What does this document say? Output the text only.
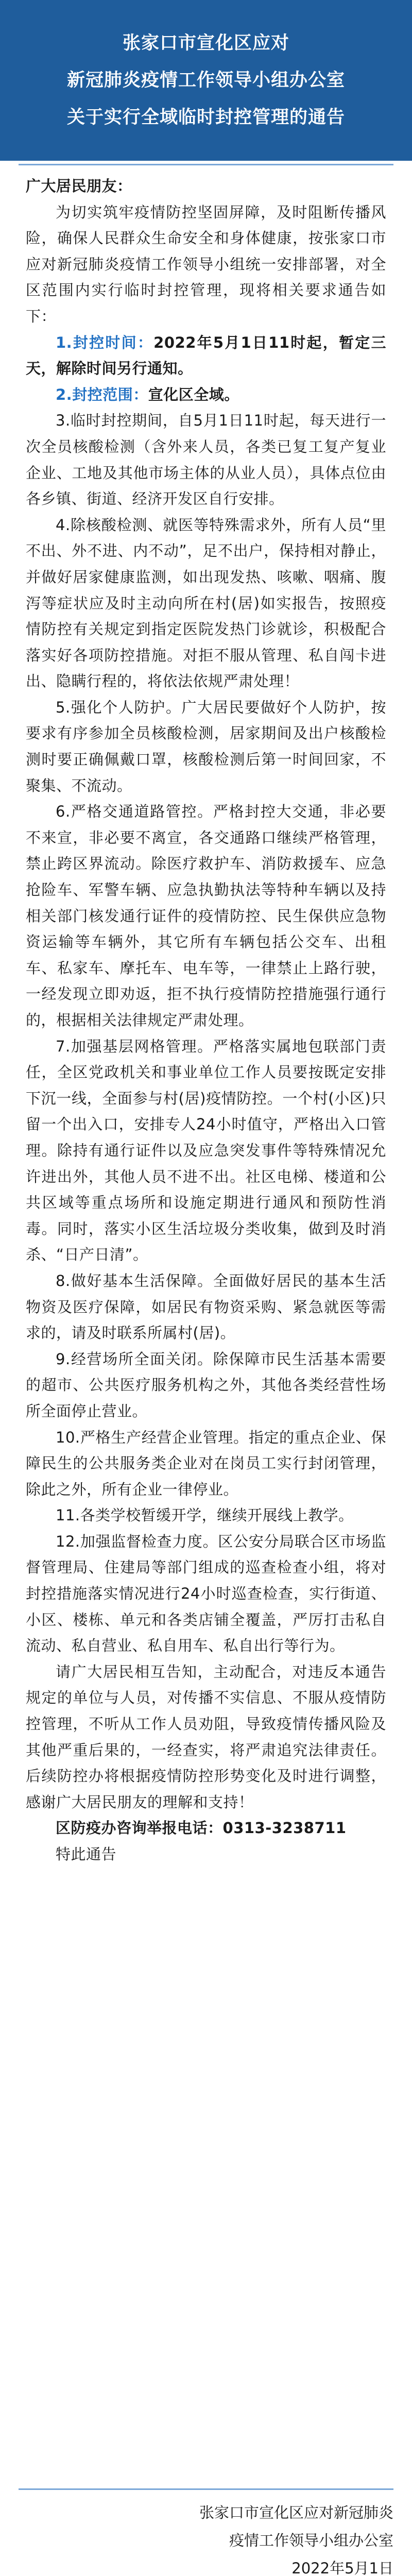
张家口市宣化区应对
新冠肺炎疫情工作领导小组办公室
关于实行全域临时封控管理的通告

广大居民朋友：

为切实筑牢疫情防控坚固屏障，及时阻断传播风险，确保人民群众生命安全和身体健康，按张家口市应对新冠肺炎疫情工作领导小组统一安排部署，对全区范围内实行临时封控管理，现将相关要求通告如下：

1.封控时间：2022年5月1日11时起，暂定三天，解除时间另行通知。

2.封控范围：宣化区全域。

3.临时封控期间，自5月1日11时起，每天进行一次全员核酸检测（含外来人员，各类已复工复产复业企业、工地及其他市场主体的从业人员），具体点位由各乡镇、街道、经济开发区自行安排。

4.除核酸检测、就医等特殊需求外，所有人员“里不出、外不进、内不动”，足不出户，保持相对静止，并做好居家健康监测，如出现发热、咳嗽、咽痛、腹泻等症状应及时主动向所在村(居)如实报告，按照疫情防控有关规定到指定医院发热门诊就诊，积极配合落实好各项防控措施。对拒不服从管理、私自闯卡进出、隐瞒行程的，将依法依规严肃处理！

5.强化个人防护。广大居民要做好个人防护，按要求有序参加全员核酸检测，居家期间及出户核酸检测时要正确佩戴口罩，核酸检测后第一时间回家，不聚集、不流动。

6.严格交通道路管控。严格封控大交通，非必要不来宣，非必要不离宣，各交通路口继续严格管理，禁止跨区界流动。除医疗救护车、消防救援车、应急抢险车、军警车辆、应急执勤执法等特种车辆以及持相关部门核发通行证件的疫情防控、民生保供应急物资运输等车辆外，其它所有车辆包括公交车、出租车、私家车、摩托车、电车等，一律禁止上路行驶，一经发现立即劝返，拒不执行疫情防控措施强行通行的，根据相关法律规定严肃处理。

7.加强基层网格管理。严格落实属地包联部门责任，全区党政机关和事业单位工作人员要按既定安排下沉一线，全面参与村(居)疫情防控。一个村(小区)只留一个出入口，安排专人24小时值守，严格出入口管理。除持有通行证件以及应急突发事件等特殊情况允许进出外，其他人员不进不出。社区电梯、楼道和公共区域等重点场所和设施定期进行通风和预防性消毒。同时，落实小区生活垃圾分类收集，做到及时消杀、“日产日清”。

8.做好基本生活保障。全面做好居民的基本生活物资及医疗保障，如居民有物资采购、紧急就医等需求的，请及时联系所属村(居)。

9.经营场所全面关闭。除保障市民生活基本需要的超市、公共医疗服务机构之外，其他各类经营性场所全面停止营业。

10.严格生产经营企业管理。指定的重点企业、保障民生的公共服务类企业对在岗员工实行封闭管理，除此之外，所有企业一律停业。

11.各类学校暂缓开学，继续开展线上教学。

12.加强监督检查力度。区公安分局联合区市场监督管理局、住建局等部门组成的巡查检查小组，将对封控措施落实情况进行24小时巡查检查，实行街道、小区、楼栋、单元和各类店铺全覆盖，严厉打击私自流动、私自营业、私自用车、私自出行等行为。

请广大居民相互告知，主动配合，对违反本通告规定的单位与人员，对传播不实信息、不服从疫情防控管理，不听从工作人员劝阻，导致疫情传播风险及其他严重后果的，一经查实，将严肃追究法律责任。后续防控办将根据疫情防控形势变化及时进行调整，感谢广大居民朋友的理解和支持！

区防疫办咨询举报电话：0313-3238711

特此通告

张家口市宣化区应对新冠肺炎
疫情工作领导小组办公室
2022年5月1日
